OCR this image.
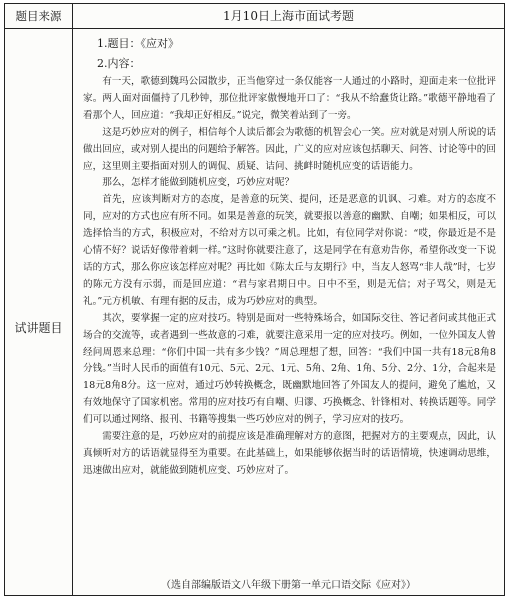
题目来源	1月10日上海市面试考题
试讲题目
1.题目：《应对》
2.内容：

有一天，歌德到魏玛公园散步，正当他穿过一条仅能容一人通过的小路时，迎面走来一位批评家。两人面对面僵持了几秒钟，那位批评家傲慢地开口了：“我从不给蠢货让路。”歌德平静地看了看那个人，回应道：“我却正好相反。”说完，微笑着站到了一旁。

这是巧妙应对的例子，相信每个人读后都会为歌德的机智会心一笑。应对就是对别人所说的话做出回应，或对别人提出的问题给予解答。因此，广义的应对应该包括聊天、问答、讨论等中的回应，这里则主要指面对别人的调侃、质疑、诘问、挑衅时随机应变的话语能力。

那么，怎样才能做到随机应变，巧妙应对呢？

首先，应该判断对方的态度，是善意的玩笑、提问，还是恶意的讥讽、刁难。对方的态度不同，应对的方式也应有所不同。如果是善意的玩笑，就要报以善意的幽默、自嘲；如果相反，可以选择恰当的方式，积极应对，不给对方以可乘之机。比如，有位同学对你说：“哎，你最近是不是心情不好？说话好像带着刺一样。”这时你就要注意了，这是同学在有意劝告你，希望你改变一下说话的方式，那么你应该怎样应对呢？再比如《陈太丘与友期行》中，当友人怒骂“非人哉”时，七岁的陈元方没有示弱，而是回应道：“君与家君期日中。日中不至，则是无信；对子骂父，则是无礼。”元方机敏、有理有据的反击，成为巧妙应对的典型。

其次，要掌握一定的应对技巧。特别是面对一些特殊场合，如国际交往、答记者问或其他正式场合的交流等，或者遇到一些故意的刁难，就要注意采用一定的应对技巧。例如，一位外国友人曾经问周恩来总理：“你们中国一共有多少钱？”周总理想了想，回答：“我们中国一共有18元8角8分钱。”当时人民币的面值有10元、5元、2元、1元、5角、2角、1角、5分、2分、1分，合起来是18元8角8分。这一应对，通过巧妙转换概念，既幽默地回答了外国友人的提问，避免了尴尬，又有效地保守了国家机密。常用的应对技巧有自嘲、归谬、巧换概念、针锋相对、转换话题等。同学们可以通过网络、报刊、书籍等搜集一些巧妙应对的例子，学习应对的技巧。

需要注意的是，巧妙应对的前提应该是准确理解对方的意图，把握对方的主要观点，因此，认真倾听对方的话语就显得至为重要。在此基础上，如果能够依据当时的话语情境，快速调动思维，迅速做出应对，就能做到随机应变、巧妙应对了。

（选自部编版语文八年级下册第一单元口语交际《应对》）
